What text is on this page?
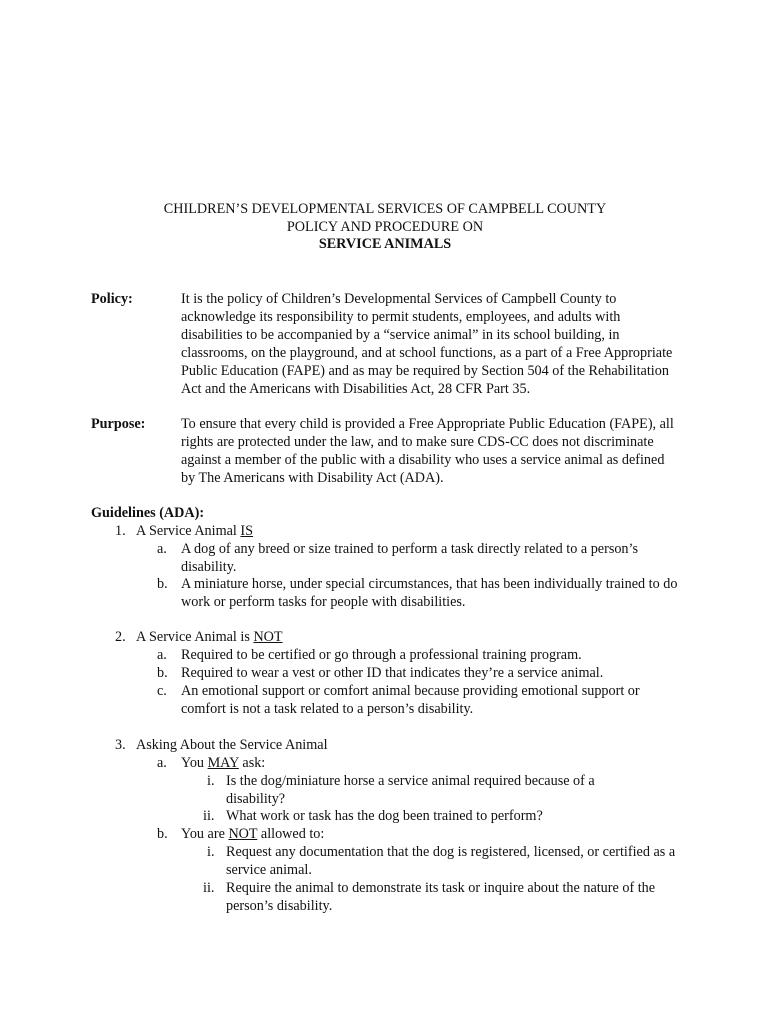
CHILDREN’S DEVELOPMENTAL SERVICES OF CAMPBELL COUNTY
POLICY AND PROCEDURE ON
SERVICE ANIMALS
Policy:	It is the policy of Children’s Developmental Services of Campbell County to acknowledge its responsibility to permit students, employees, and adults with disabilities to be accompanied by a “service animal” in its school building, in classrooms, on the playground, and at school functions, as a part of a Free Appropriate Public Education (FAPE) and as may be required by Section 504 of the Rehabilitation Act and the Americans with Disabilities Act, 28 CFR Part 35.
Purpose:	To ensure that every child is provided a Free Appropriate Public Education (FAPE), all rights are protected under the law, and to make sure CDS-CC does not discriminate against a member of the public with a disability who uses a service animal as defined by The Americans with Disability Act (ADA).
Guidelines (ADA):
1. A Service Animal IS
a. A dog of any breed or size trained to perform a task directly related to a person’s disability.
b. A miniature horse, under special circumstances, that has been individually trained to do work or perform tasks for people with disabilities.
2. A Service Animal is NOT
a. Required to be certified or go through a professional training program.
b. Required to wear a vest or other ID that indicates they’re a service animal.
c. An emotional support or comfort animal because providing emotional support or comfort is not a task related to a person’s disability.
3. Asking About the Service Animal
a. You MAY ask:
i. Is the dog/miniature horse a service animal required because of a disability?
ii. What work or task has the dog been trained to perform?
b. You are NOT allowed to:
i. Request any documentation that the dog is registered, licensed, or certified as a service animal.
ii. Require the animal to demonstrate its task or inquire about the nature of the person’s disability.
